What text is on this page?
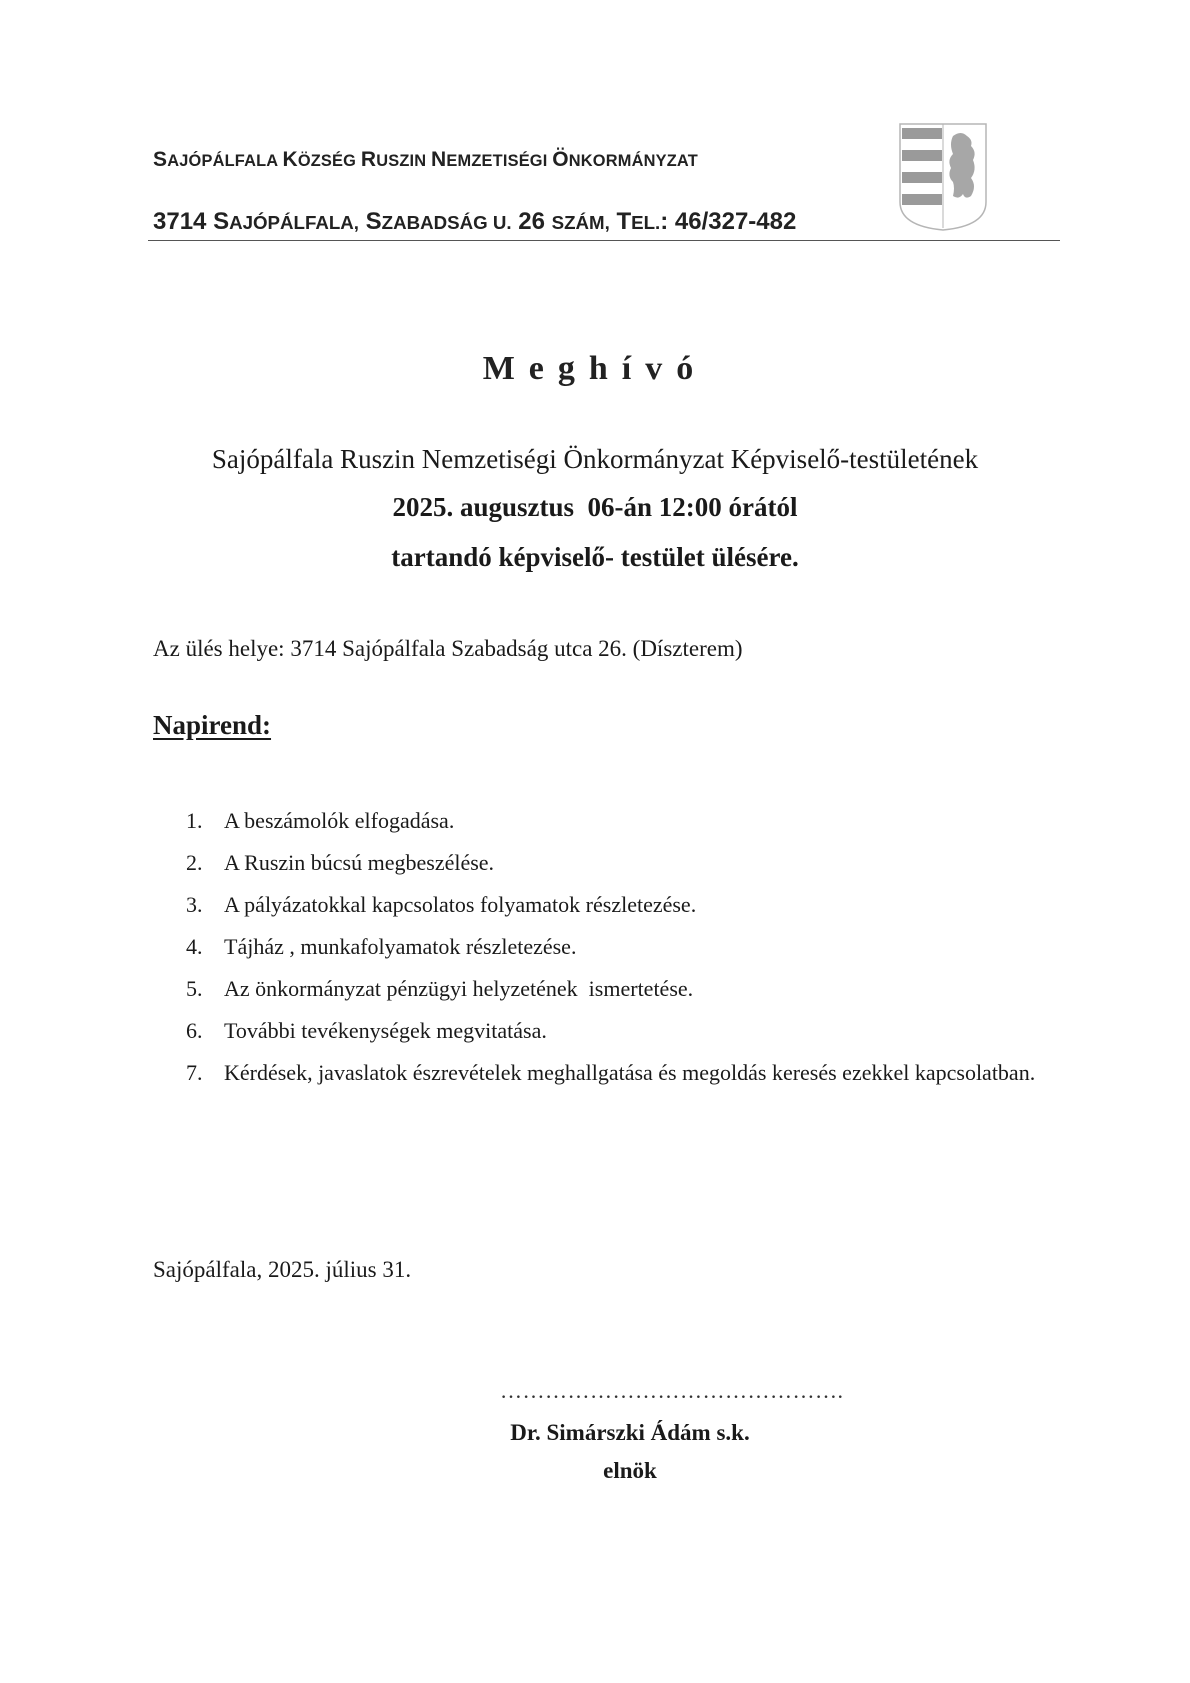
SAJÓPÁLFALA KÖZSÉG RUSZIN NEMZETISÉGI ÖNKORMÁNYZAT
3714 SAJÓPÁLFALA, SZABADSÁG U. 26 SZÁM, TEL.: 46/327-482
Meghívó
Sajópálfala Ruszin Nemzetiségi Önkormányzat Képviselő-testületének
2025. augusztus  06-án 12:00 órától
tartandó képviselő- testület ülésére.
Az ülés helye: 3714 Sajópálfala Szabadság utca 26. (Díszterem)
Napirend:
1. A beszámolók elfogadása.
2. A Ruszin búcsú megbeszélése.
3. A pályázatokkal kapcsolatos folyamatok részletezése.
4. Tájház , munkafolyamatok részletezése.
5. Az önkormányzat pénzügyi helyzetének  ismertetése.
6. További tevékenységek megvitatása.
7. Kérdések, javaslatok észrevételek meghallgatása és megoldás keresés ezekkel kapcsolatban.
Sajópálfala, 2025. július 31.
……………………………………….
Dr. Simárszki Ádám s.k.
elnök
